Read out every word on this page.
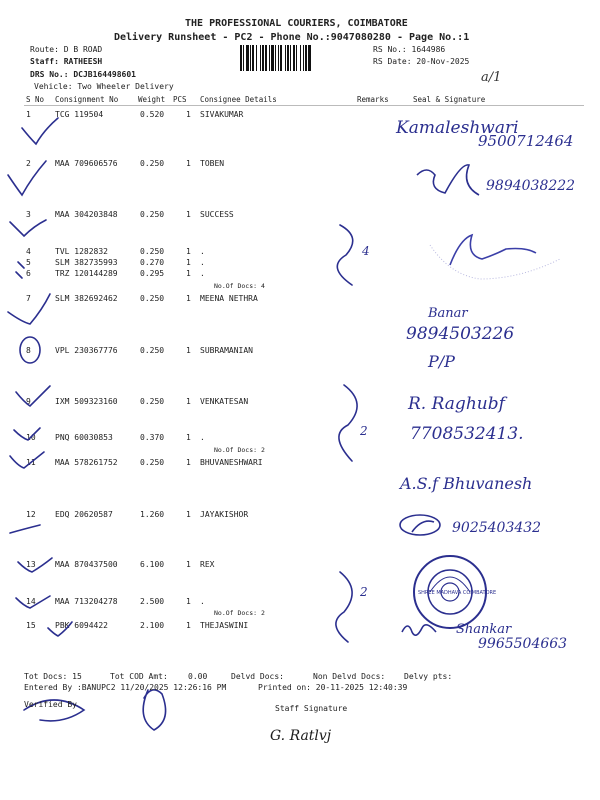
THE PROFESSIONAL COURIERS, COIMBATORE
Delivery Runsheet - PC2 - Phone No.:9047080280 - Page No.:1
Route: D B ROAD
Staff: RATHEESH
DRS No.: DCJB164498601
Vehicle: Two Wheeler Delivery
RS No.: 1644986
RS Date: 20-Nov-2025
a/1
S No Consignment No	Weight PCS Consignee Details	Remarks	Seal & Signature
1	TCG 119504	0.520	1 SIVAKUMAR
2	MAA 709606576	0.250	1 TOBEN
3	MAA 304203848	0.250	1 SUCCESS
4	TVL 1282832	0.250	1 .
5	SLM 382735993	0.270	1 .
6	TRZ 120144289	0.295	1 .
No.Of Docs: 4
7	SLM 382692462	0.250	1 MEENA NETHRA
8	VPL 230367776	0.250	1 SUBRAMANIAN
9	IXM 509323160	0.250	1 VENKATESAN
10 PNQ 60030853	0.370	1 .
No.Of Docs: 2
11 MAA 578261752	0.250	1 BHUVANESHWARI
12 EDQ 20620587	1.260	1 JAYAKISHOR
13 MAA 870437500	6.100	1 REX
14 MAA 713204278	2.500	1 .
No.Of Docs: 2
15 PBK 6094422	2.100	1 THEJASWINI
Kamaleshwari
9500712464
9894038222
4
Banar
9894503226
P/P
R. Raghubf
2 7708532413.
A.S.f Bhuvanesh
9025403432
SHREE MADHAVA COIMBATORE
2
Shankar
9965504663
Tot Docs: 15	Tot COD Amt:	0.00	Delvd Docs:	Non Delvd Docs: Delvy pts:
Entered By :BANUPC2 11/20/2025 12:26:16 PM	Printed on: 20-11-2025 12:40:39
Verified By	Staff Signature
G. Ratlvj
